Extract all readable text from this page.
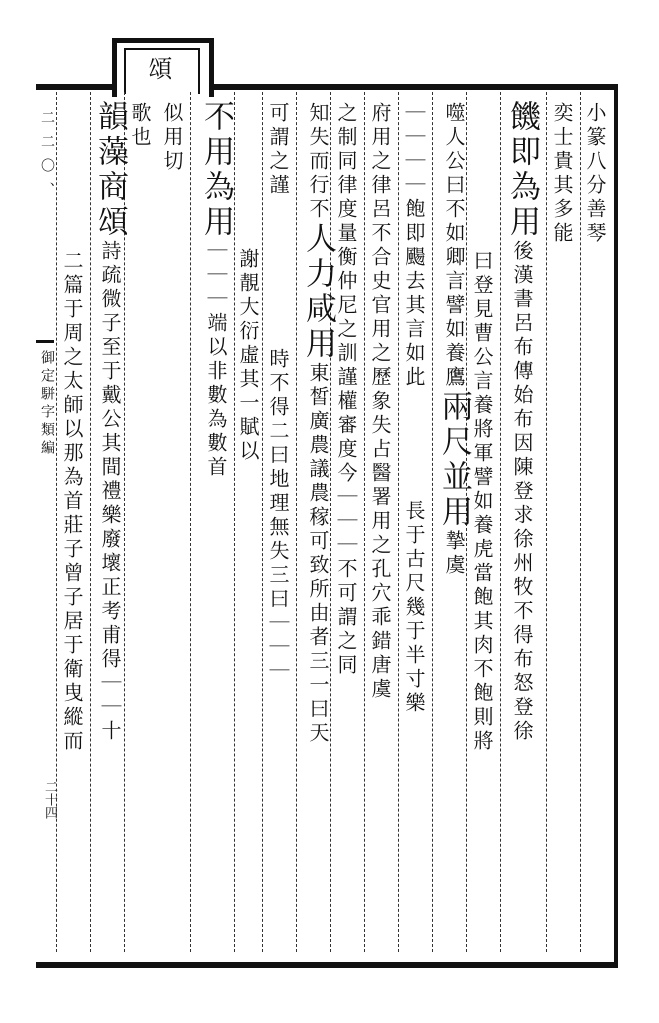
頌
二二〇、
御定駢字類編
二十四
小篆八分善琴
奕士貴其多能
饑即為用後漢書呂布傳始布因陳登求徐州牧不得布怒登徐
曰登見曹公言養將軍譬如養虎當飽其肉不飽則將
噬人公曰不如卿言譬如養鷹兩尺並用摯虞
｜｜｜｜飽即颺去其言如此長于古尺幾于半寸樂
府用之律呂不合史官用之歷象失占醫署用之孔穴乖錯唐虞
之制同律度量衡仲尼之訓謹權審度今｜｜｜不可謂之同
知失而行不人力咸用東皙廣農議農稼可致所由者三一曰天
可謂之謹時不得二曰地理無失三曰｜｜｜
謝靚大衍虛其一賦以
不用為用｜｜｜端以非數為數首
似用切
歌也
韻藻商頌詩疏微子至于戴公其間禮樂廢壞正考甫得｜｜十
二篇于周之太師以那為首莊子曾子居于衛曳縱而
